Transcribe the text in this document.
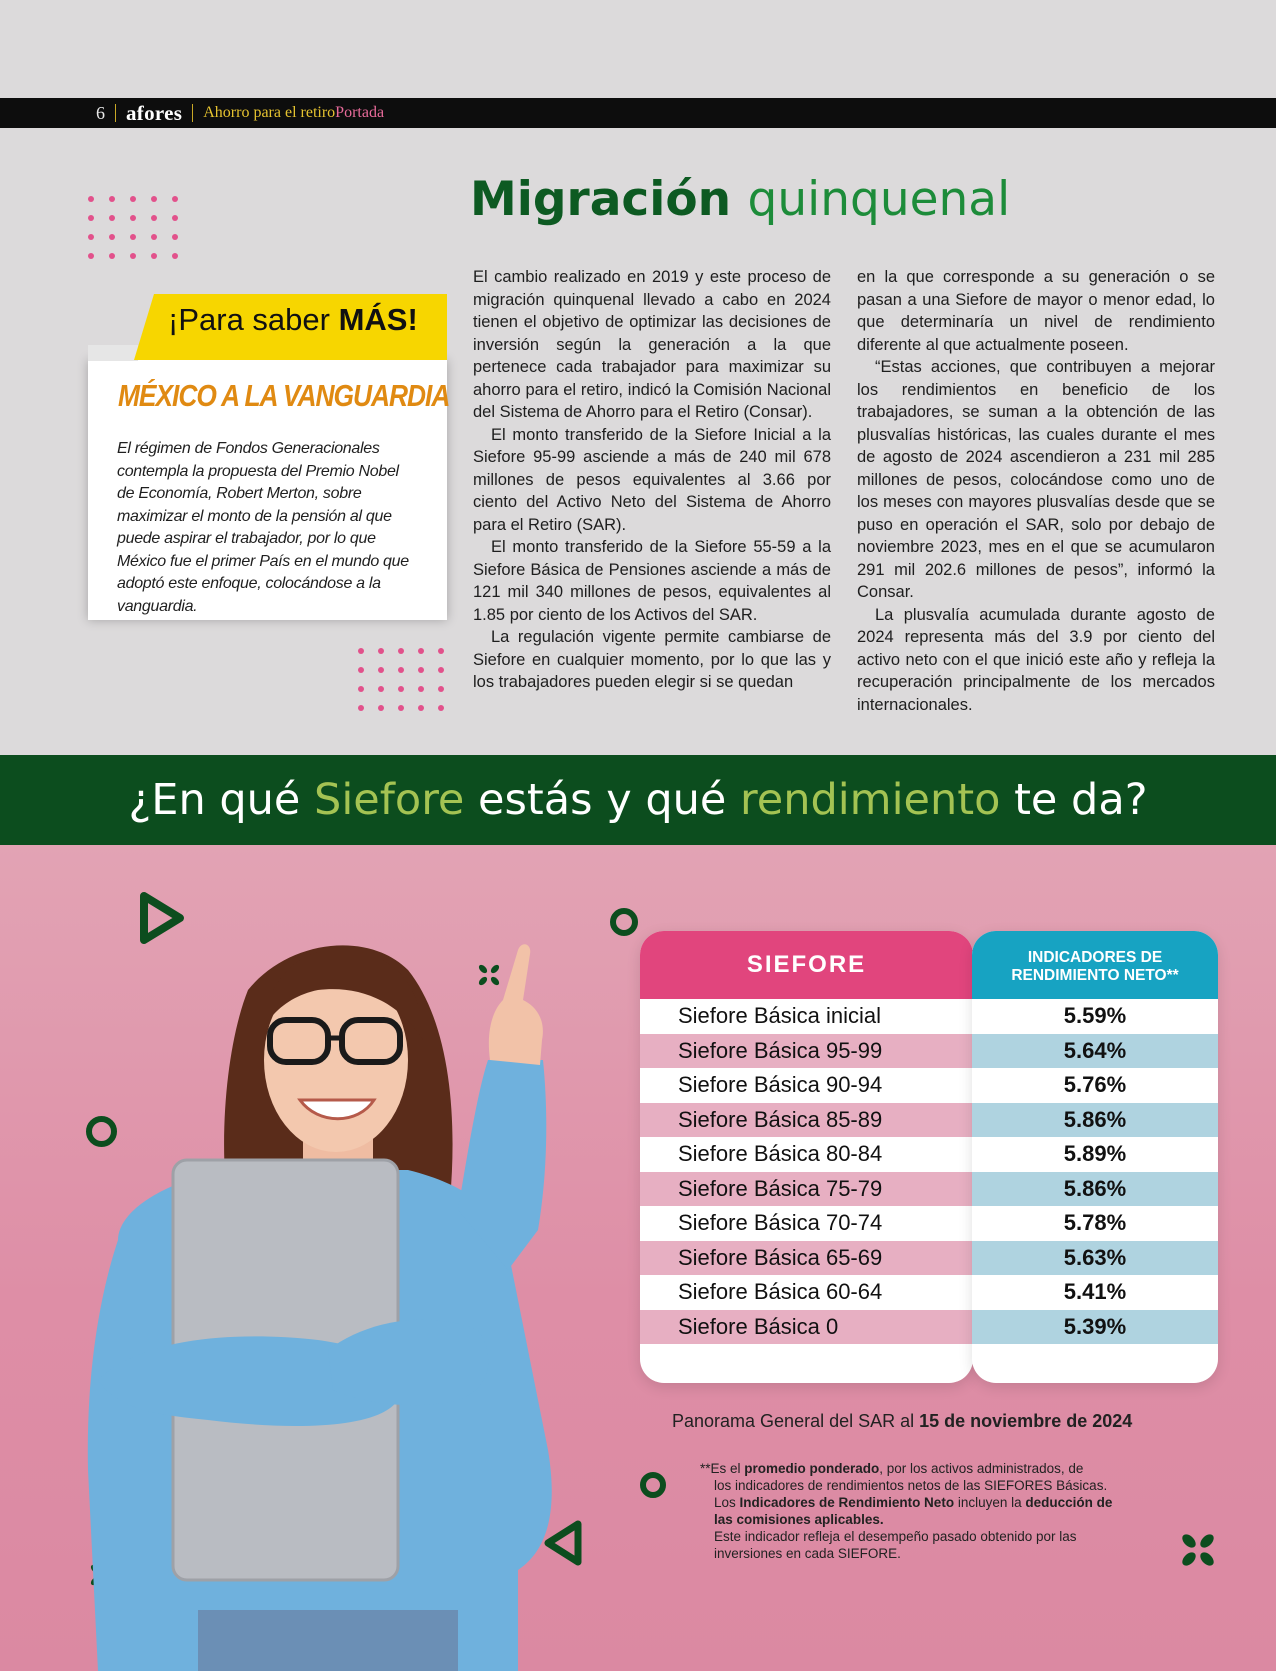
6 afores Ahorro para el retiro Portada
Migración quinquenal
¡Para saber MÁS!
MÉXICO A LA VANGUARDIA
El régimen de Fondos Generacionales contempla la propuesta del Premio Nobel de Economía, Robert Merton, sobre maximizar el monto de la pensión al que puede aspirar el trabajador, por lo que México fue el primer País en el mundo que adoptó este enfoque, colocándose a la vanguardia.

El cambio realizado en 2019 y este proceso de migración quinquenal llevado a cabo en 2024 tienen el objetivo de optimizar las decisiones de inversión según la generación a la que pertenece cada trabajador para maximizar su ahorro para el retiro, indicó la Comisión Nacional del Sistema de Ahorro para el Retiro (Consar).

El monto transferido de la Siefore Inicial a la Siefore 95-99 asciende a más de 240 mil 678 millones de pesos equivalentes al 3.66 por ciento del Activo Neto del Sistema de Ahorro para el Retiro (SAR).

El monto transferido de la Siefore 55-59 a la Siefore Básica de Pensiones asciende a más de 121 mil 340 millones de pesos, equivalentes al 1.85 por ciento de los Activos del SAR.

La regulación vigente permite cambiarse de Siefore en cualquier momento, por lo que las y los trabajadores pueden elegir si se quedan

en la que corresponde a su generación o se pasan a una Siefore de mayor o menor edad, lo que determinaría un nivel de rendimiento diferente al que actualmente poseen.

“Estas acciones, que contribuyen a mejorar los rendimientos en beneficio de los trabajadores, se suman a la obtención de las plusvalías históricas, las cuales durante el mes de agosto de 2024 ascendieron a 231 mil 285 millones de pesos, colocándose como uno de los meses con mayores plusvalías desde que se puso en operación el SAR, solo por debajo de noviembre 2023, mes en el que se acumularon 291 mil 202.6 millones de pesos”, informó la Consar.

La plusvalía acumulada durante agosto de 2024 representa más del 3.9 por ciento del activo neto con el que inició este año y refleja la recuperación principalmente de los mercados internacionales.

¿En qué Siefore estás y qué rendimiento te da?
SIEFORE
Siefore Básica inicial
Siefore Básica 95-99
Siefore Básica 90-94
Siefore Básica 85-89
Siefore Básica 80-84
Siefore Básica 75-79
Siefore Básica 70-74
Siefore Básica 65-69
Siefore Básica 60-64
Siefore Básica 0
INDICADORES DE
RENDIMIENTO NETO**
5.59%
5.64%
5.76%
5.86%
5.89%
5.86%
5.78%
5.63%
5.41%
5.39%
Panorama General del SAR al 15 de noviembre de 2024
**Es el promedio ponderado, por los activos administrados, de
los indicadores de rendimientos netos de las SIEFORES Básicas.
Los Indicadores de Rendimiento Neto incluyen la deducción de
las comisiones aplicables.
Este indicador refleja el desempeño pasado obtenido por las
inversiones en cada SIEFORE.
